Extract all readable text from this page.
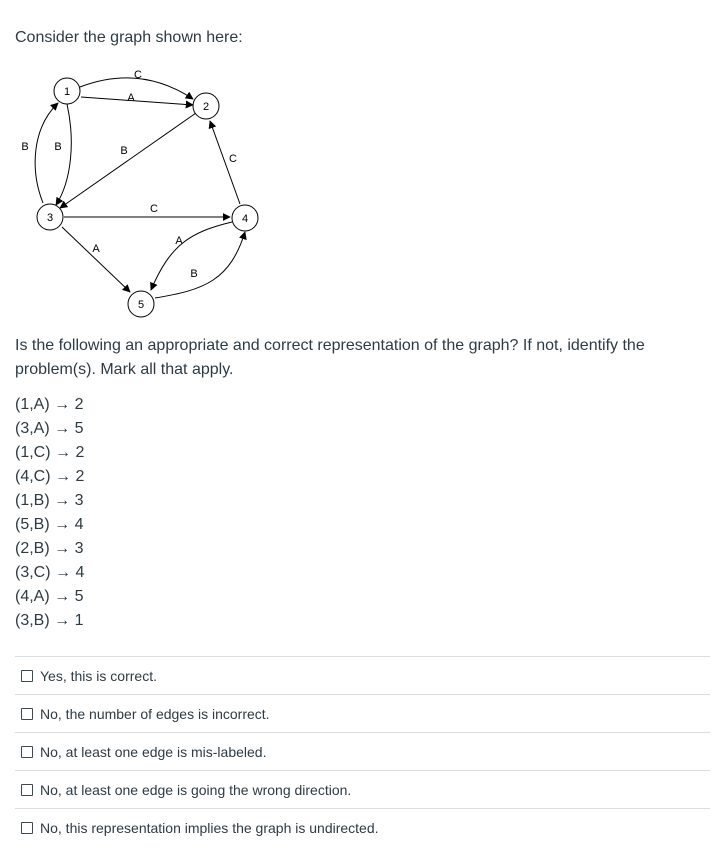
Consider the graph shown here:

C
A
B B	B
C
C
A
A
B
1
2
3	4
5

Is the following an appropriate and correct representation of the graph? If not, identify the problem(s). Mark all that apply.

(1,A) → 2
(3,A) → 5
(1,C) → 2
(4,C) → 2
(1,B) → 3
(5,B) → 4
(2,B) → 3
(3,C) → 4
(4,A) → 5
(3,B) → 1
Yes, this is correct.
No, the number of edges is incorrect.
No, at least one edge is mis-labeled.
No, at least one edge is going the wrong direction.
No, this representation implies the graph is undirected.
